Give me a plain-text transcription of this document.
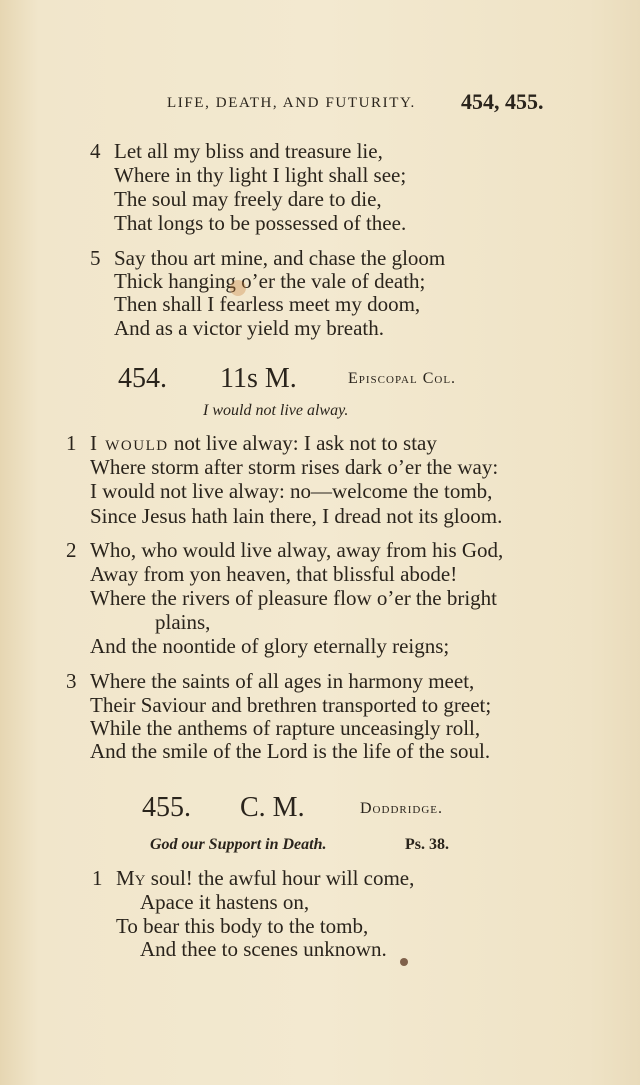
LIFE, DEATH, AND FUTURITY. 454, 455.
4 Let all my bliss and treasure lie,
Where in thy light I light shall see;
The soul may freely dare to die,
That longs to be possessed of thee.
5 Say thou art mine, and chase the gloom
Thick hanging o’er the vale of death;
Then shall I fearless meet my doom,
And as a victor yield my breath.
454. 11s M.	Episcopal Col.
I would not live alway.
1 I would not live alway: I ask not to stay
Where storm after storm rises dark o’er the way:
I would not live alway: no—welcome the tomb,
Since Jesus hath lain there, I dread not its gloom.
2 Who, who would live alway, away from his God,
Away from yon heaven, that blissful abode!
Where the rivers of pleasure flow o’er the bright
plains,
And the noontide of glory eternally reigns;
3 Where the saints of all ages in harmony meet,
Their Saviour and brethren transported to greet;
While the anthems of rapture unceasingly roll,
And the smile of the Lord is the life of the soul.
455. C. M.	Doddridge.
God our Support in Death.	Ps. 38.
1 My soul! the awful hour will come,
Apace it hastens on,
To bear this body to the tomb,
And thee to scenes unknown.
